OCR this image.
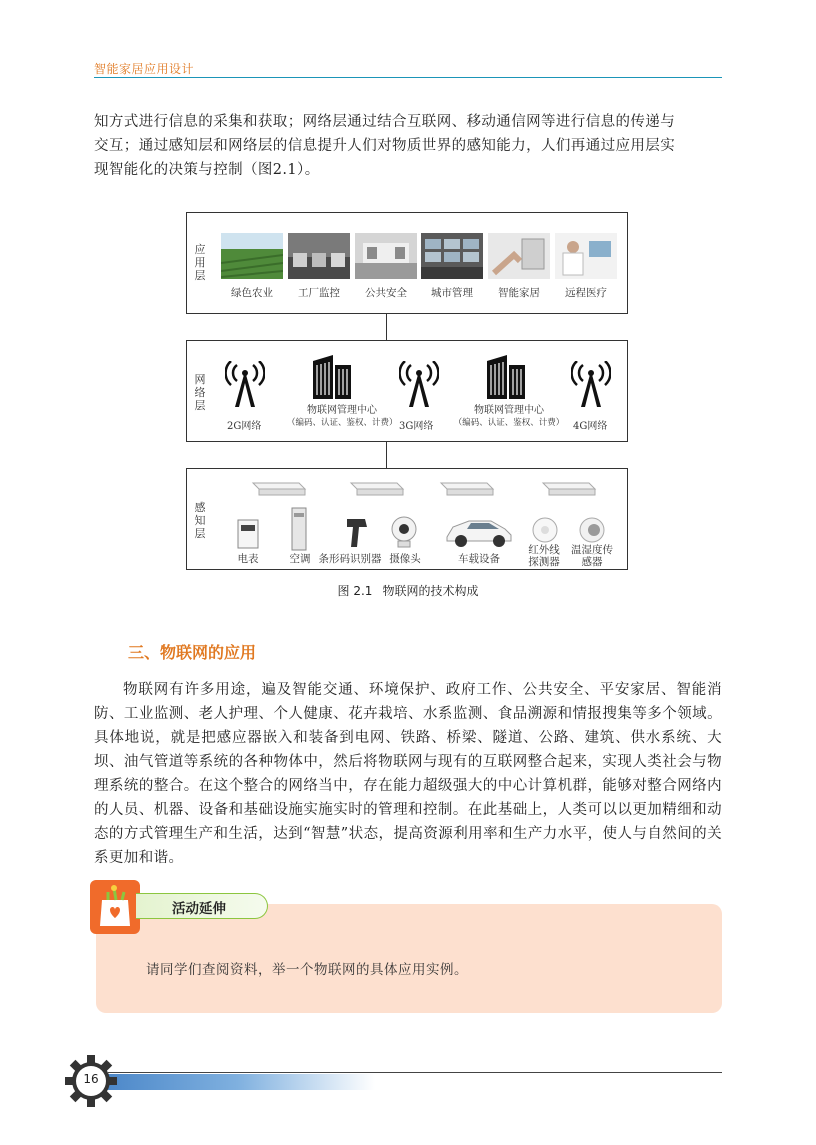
智能家居应用设计

知方式进行信息的采集和获取；网络层通过结合互联网、移动通信网等进行信息的传递与

交互；通过感知层和网络层的信息提升人们对物质世界的感知能力，人们再通过应用层实

现智能化的决策与控制（图2.1）。

应用层
绿色农业	工厂监控	公共安全	城市管理	智能家居	远程医疗
网络层
2G网络
物联网管理中心
（编码、认证、鉴权、计费） 3G网络
物联网管理中心
（编码、认证、鉴权、计费） 4G网络
感知层
电表	空调 条形码识别器 摄像头	车载设备
红外线探测器
温湿度传感器
图 2.1 物联网的技术构成
三、物联网的应用
物联网有许多用途，遍及智能交通、环境保护、政府工作、公共安全、平安家居、智能消防、工业监测、老人护理、个人健康、花卉栽培、水系监测、食品溯源和情报搜集等多个领域。具体地说，就是把感应器嵌入和装备到电网、铁路、桥梁、隧道、公路、建筑、供水系统、大坝、油气管道等系统的各种物体中，然后将物联网与现有的互联网整合起来，实现人类社会与物理系统的整合。在这个整合的网络当中，存在能力超级强大的中心计算机群，能够对整合网络内的人员、机器、设备和基础设施实施实时的管理和控制。在此基础上，人类可以以更加精细和动态的方式管理生产和生活，达到“智慧”状态，提高资源利用率和生产力水平，使人与自然间的关系更加和谐。
活动延伸
请同学们查阅资料，举一个物联网的具体应用实例。
16
